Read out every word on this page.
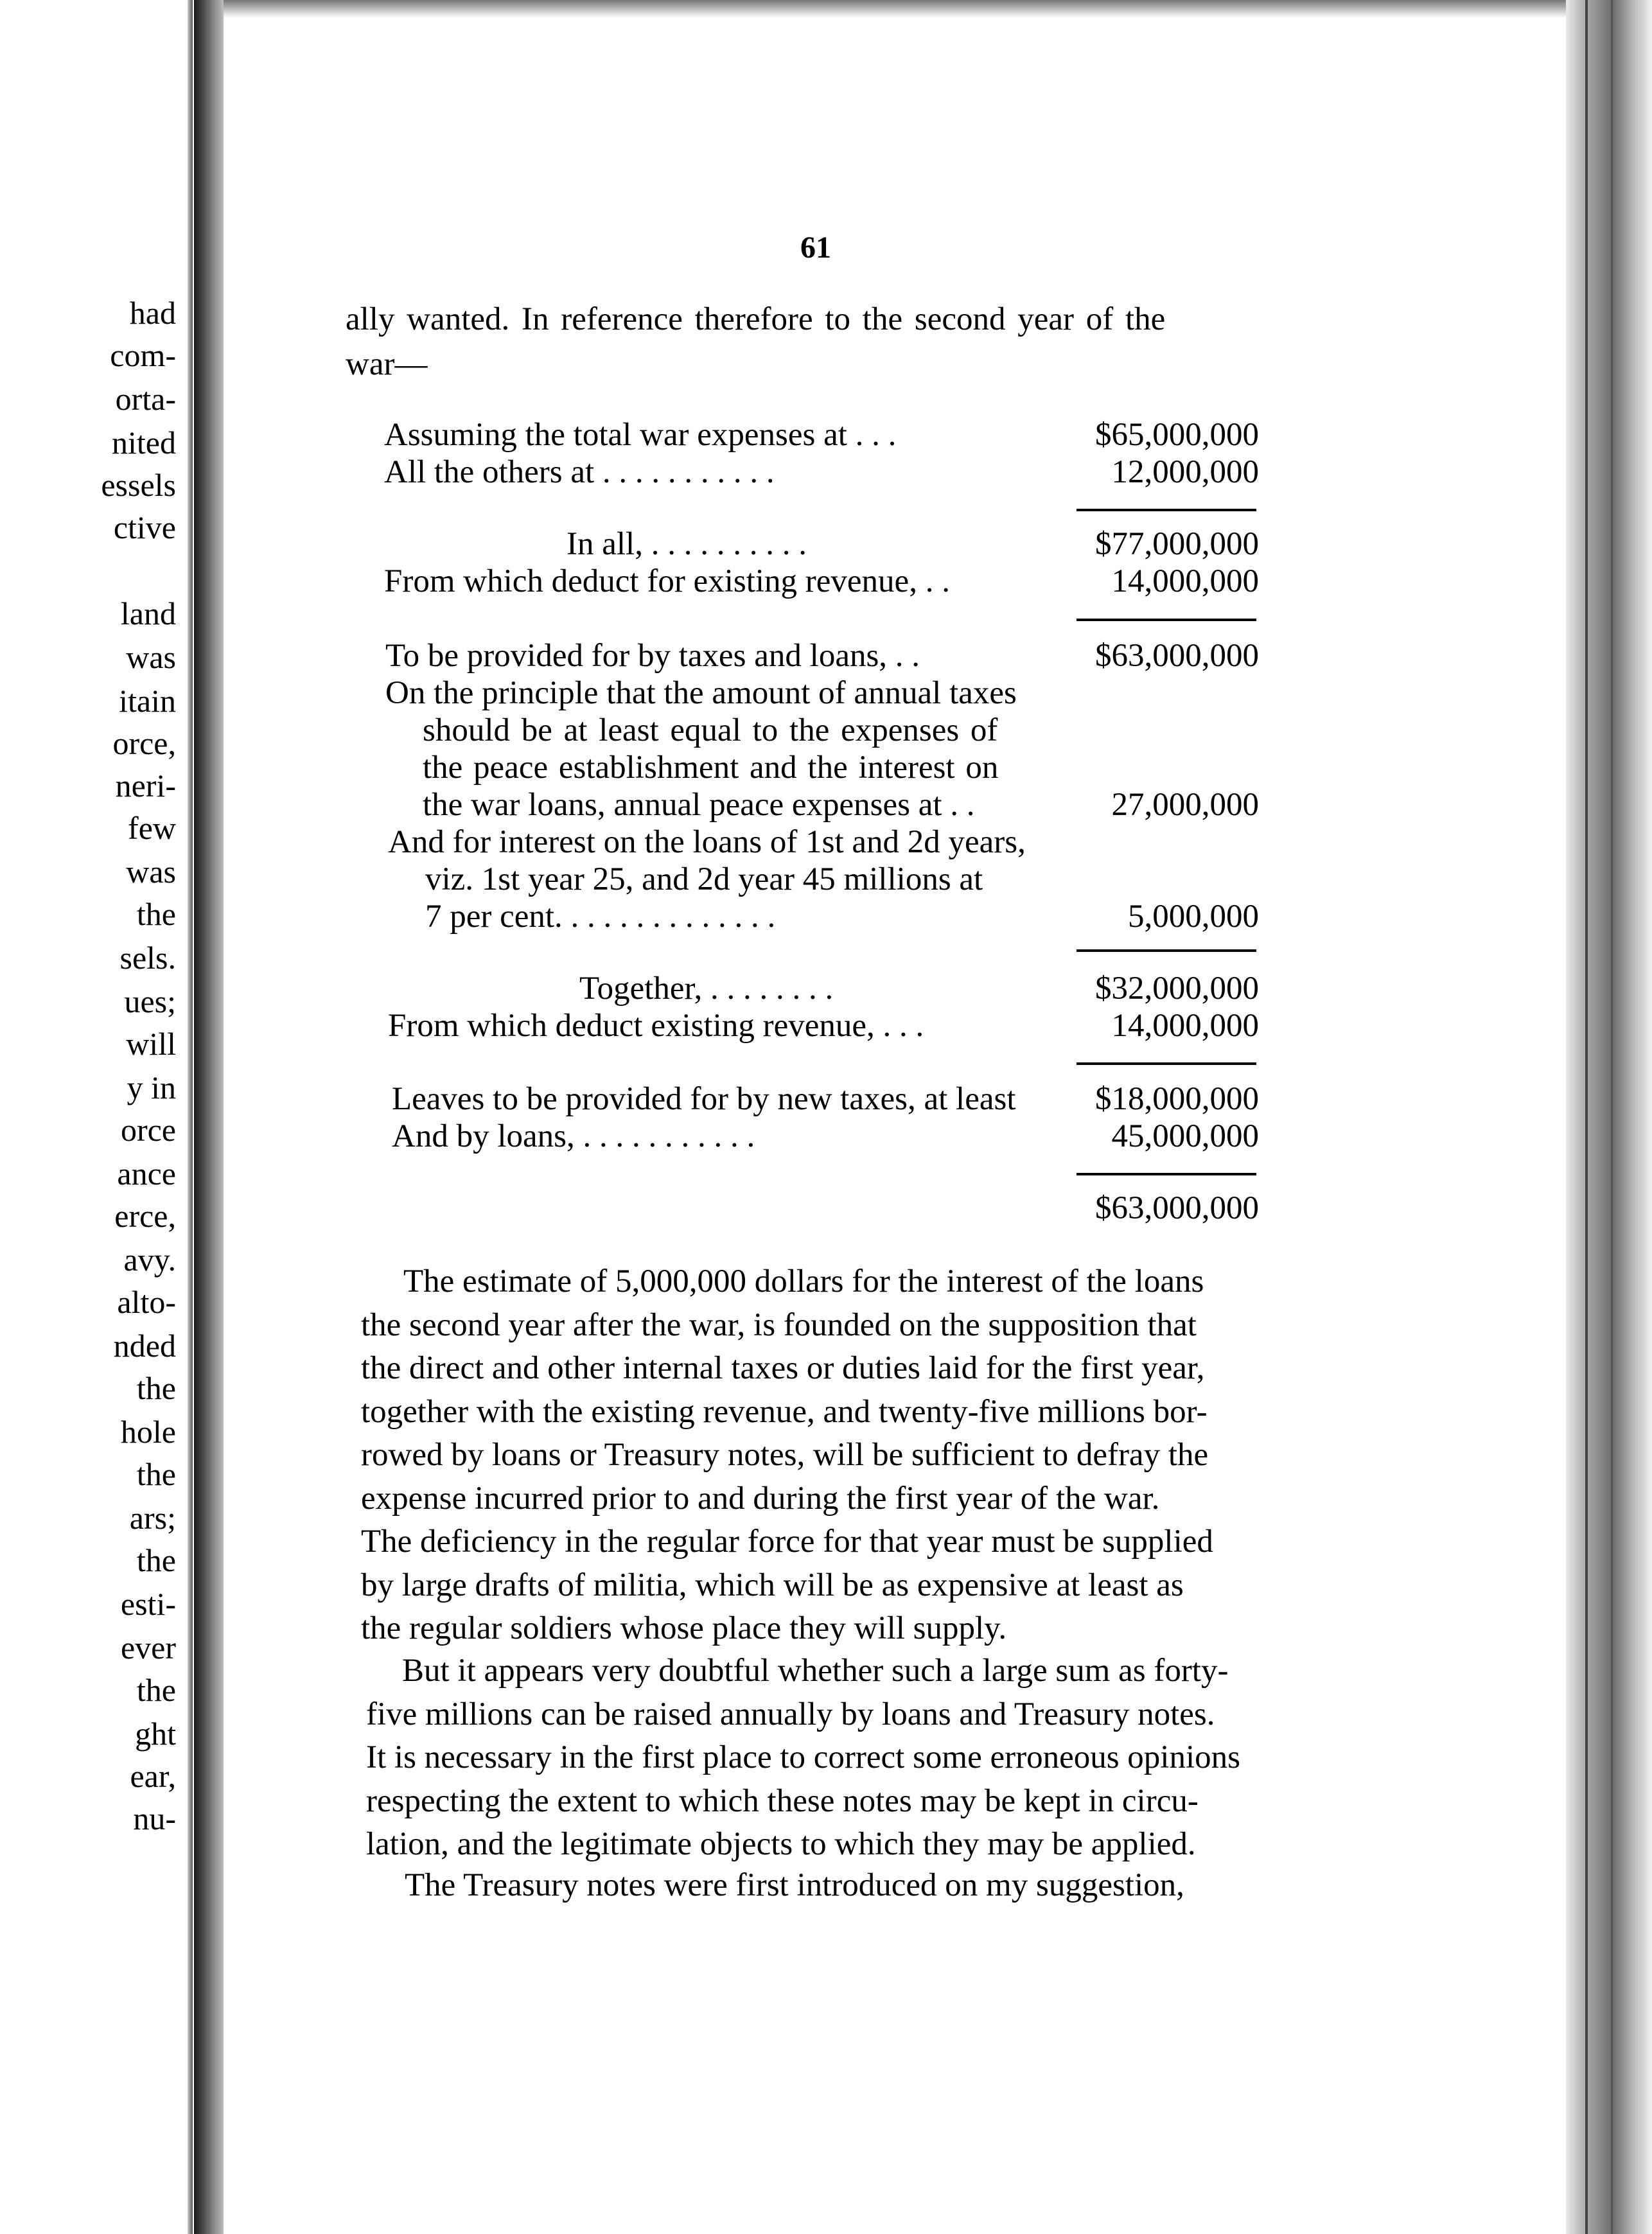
had
com-
orta-
nited
essels
ctive
land
was
itain
orce,
neri-
few
was
the
sels.
ues;
will
y in
orce
ance
erce,
avy.
alto-
nded
the
hole
the
ars;
the
esti-
ever
the
ght
ear,
nu-
61
ally wanted. In reference therefore to the second year of the
war—
Assuming the total war expenses at . . .	$65,000,000
All the others at . . . . . . . . . . .	12,000,000
In all, . . . . . . . . . .	$77,000,000
From which deduct for existing revenue, . .	14,000,000
To be provided for by taxes and loans, . .	$63,000,000
On the principle that the amount of annual taxes
should be at least equal to the expenses of
the peace establishment and the interest on
the war loans, annual peace expenses at . .	27,000,000
And for interest on the loans of 1st and 2d years,
viz. 1st year 25, and 2d year 45 millions at
7 per cent. . . . . . . . . . . . . .	5,000,000
Together, . . . . . . . .	$32,000,000
From which deduct existing revenue, . . .	14,000,000
Leaves to be provided for by new taxes, at least	$18,000,000
And by loans, . . . . . . . . . . .	45,000,000
$63,000,000
The estimate of 5,000,000 dollars for the interest of the loans
the second year after the war, is founded on the supposition that
the direct and other internal taxes or duties laid for the first year,
together with the existing revenue, and twenty-five millions bor-
rowed by loans or Treasury notes, will be sufficient to defray the
expense incurred prior to and during the first year of the war.
The deficiency in the regular force for that year must be supplied
by large drafts of militia, which will be as expensive at least as
the regular soldiers whose place they will supply.
But it appears very doubtful whether such a large sum as forty-
five millions can be raised annually by loans and Treasury notes.
It is necessary in the first place to correct some erroneous opinions
respecting the extent to which these notes may be kept in circu-
lation, and the legitimate objects to which they may be applied.
The Treasury notes were first introduced on my suggestion,
